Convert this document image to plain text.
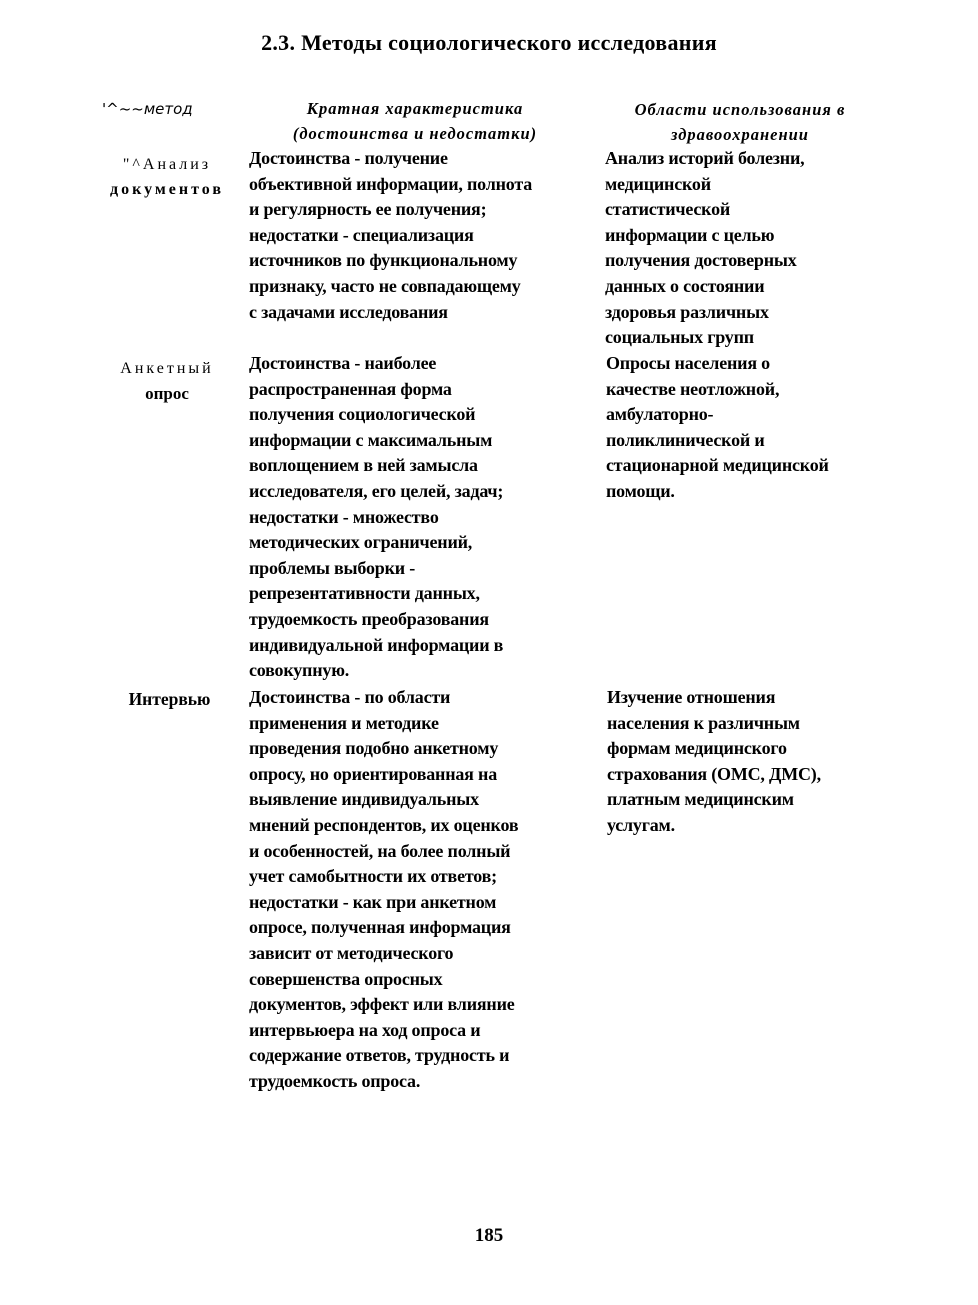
2.3. Методы социологического исследования
'^~~метод	Кратная характеристика
(достоинства и недостатки)
Области использования в
здравоохранении
"^Анализ
документов
Достоинства - получение
объективной информации, полнота
и регулярность ее получения;
недостатки - специализация
источников по функциональному
признаку, часто не совпадающему
с задачами исследования
Анализ историй болезни,
медицинской
статистической
информации с целью
получения достоверных
данных о состоянии
здоровья различных
социальных групп
Анкетный
опрос
Достоинства - наиболее
распространенная форма
получения социологической
информации с максимальным
воплощением в ней замысла
исследователя, его целей, задач;
недостатки - множество
методических ограничений,
проблемы выборки -
репрезентативности данных,
трудоемкость преобразования
индивидуальной информации в
совокупную.
Опросы населения о
качестве неотложной,
амбулаторно-
поликлинической и
стационарной медицинской
помощи.
Интервью	Достоинства - по области
применения и методике
проведения подобно анкетному
опросу, но ориентированная на
выявление индивидуальных
мнений респондентов, их оценков
и особенностей, на более полный
учет самобытности их ответов;
недостатки - как при анкетном
опросе, полученная информация
зависит от методического
совершенства опросных
документов, эффект или влияние
интервьюера на ход опроса и
содержание ответов, трудность и
трудоемкость опроса.
Изучение отношения
населения к различным
формам медицинского
страхования (ОМС, ДМС),
платным медицинским
услугам.
185
